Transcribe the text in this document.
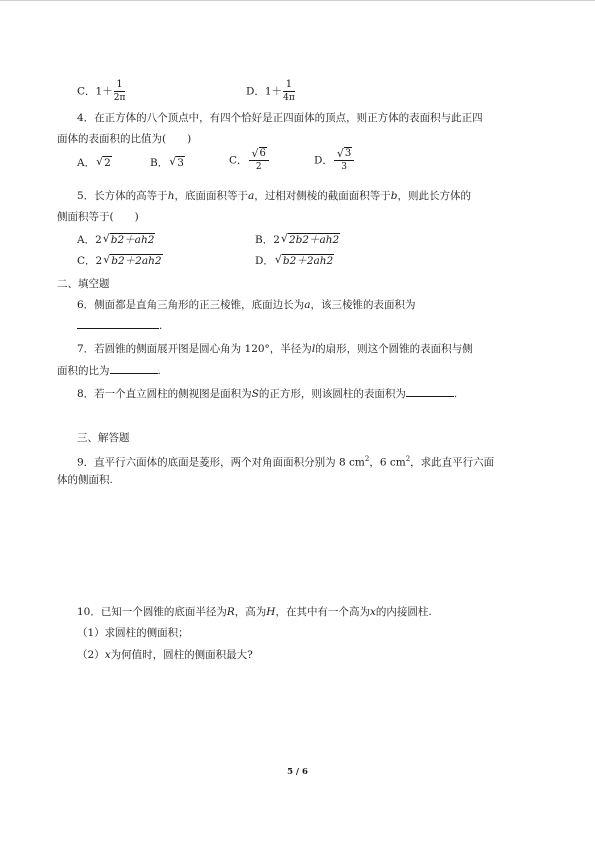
C．$1+ \frac{1}{2\pi}$	D．$1+ \frac{1}{4\pi}$
4．在正方体的八个顶点中，有四个恰好是正四面体的顶点，则正方体的表面积与此正四
面体的表面积的比值为(　　)
A． √ 2	B． √ 3	C． √ $\frac{6}{2}$	D． √ $\frac{3}{3}$
5．长方体的高等于h，底面面积等于a，过相对侧棱的截面面积等于b，则此长方体的
侧面积等于(　　)
A．2 √ b2＋ah2	B．2 √ 2b2＋ah2
C．2 √ b2＋2ah2	D． √ b2＋2ah2
二、填空题
6．侧面都是直角三角形的正三棱锥，底面边长为a，该三棱锥的表面积为
.
7．若圆锥的侧面展开图是圆心角为 120°，半径为l的扇形，则这个圆锥的表面积与侧
面积的比为	.
8．若一个直立圆柱的侧视图是面积为S的正方形，则该圆柱的表面积为	.
三、解答题
9．直平行六面体的底面是菱形，两个对角面面积分别为 8 $cm^2$，6 $cm^2$，求此直平行六面
体的侧面积.
10．已知一个圆锥的底面半径为R，高为H，在其中有一个高为x的内接圆柱.
（1）求圆柱的侧面积；
（2）x为何值时，圆柱的侧面积最大?
5 / 6
